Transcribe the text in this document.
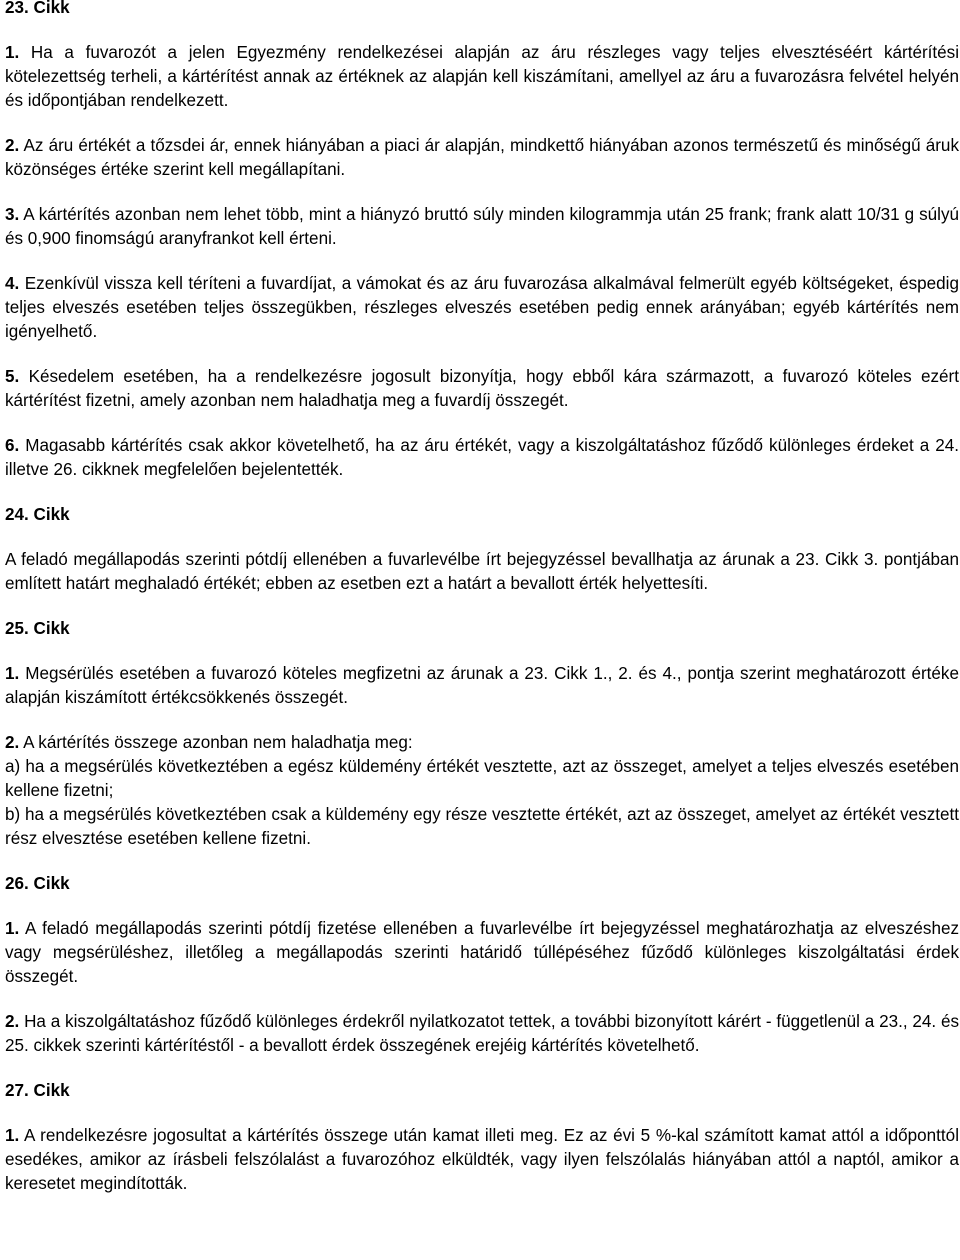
23. Cikk

1. Ha a fuvarozót a jelen Egyezmény rendelkezései alapján az áru részleges vagy teljes elvesztéséért kártérítési kötelezettség terheli, a kártérítést annak az értéknek az alapján kell kiszámítani, amellyel az áru a fuvarozásra felvétel helyén és időpontjában rendelkezett.

2. Az áru értékét a tőzsdei ár, ennek hiányában a piaci ár alapján, mindkettő hiányában azonos természetű és minőségű áruk közönséges értéke szerint kell megállapítani.

3. A kártérítés azonban nem lehet több, mint a hiányzó bruttó súly minden kilogrammja után 25 frank; frank alatt 10/31 g súlyú és 0,900 finomságú aranyfrankot kell érteni.

4. Ezenkívül vissza kell téríteni a fuvardíjat, a vámokat és az áru fuvarozása alkalmával felmerült egyéb költségeket, éspedig teljes elveszés esetében teljes összegükben, részleges elveszés esetében pedig ennek arányában; egyéb kártérítés nem igényelhető.

5. Késedelem esetében, ha a rendelkezésre jogosult bizonyítja, hogy ebből kára származott, a fuvarozó köteles ezért kártérítést fizetni, amely azonban nem haladhatja meg a fuvardíj összegét.

6. Magasabb kártérítés csak akkor követelhető, ha az áru értékét, vagy a kiszolgáltatáshoz fűződő különleges érdeket a 24. illetve 26. cikknek megfelelően bejelentették.

24. Cikk

A feladó megállapodás szerinti pótdíj ellenében a fuvarlevélbe írt bejegyzéssel bevallhatja az árunak a 23. Cikk 3. pontjában említett határt meghaladó értékét; ebben az esetben ezt a határt a bevallott érték helyettesíti.

25. Cikk

1. Megsérülés esetében a fuvarozó köteles megfizetni az árunak a 23. Cikk 1., 2. és 4., pontja szerint meghatározott értéke alapján kiszámított értékcsökkenés összegét.

2. A kártérítés összege azonban nem haladhatja meg:

a) ha a megsérülés következtében a egész küldemény értékét vesztette, azt az összeget, amelyet a teljes elveszés esetében kellene fizetni;

b) ha a megsérülés következtében csak a küldemény egy része vesztette értékét, azt az összeget, amelyet az értékét vesztett rész elvesztése esetében kellene fizetni.

26. Cikk

1. A feladó megállapodás szerinti pótdíj fizetése ellenében a fuvarlevélbe írt bejegyzéssel meghatározhatja az elveszéshez vagy megsérüléshez, illetőleg a megállapodás szerinti határidő túllépéséhez fűződő különleges kiszolgáltatási érdek összegét.

2. Ha a kiszolgáltatáshoz fűződő különleges érdekről nyilatkozatot tettek, a további bizonyított kárért - függetlenül a 23., 24. és 25. cikkek szerinti kártérítéstől - a bevallott érdek összegének erejéig kártérítés követelhető.

27. Cikk

1. A rendelkezésre jogosultat a kártérítés összege után kamat illeti meg. Ez az évi 5 %-kal számított kamat attól a időponttól esedékes, amikor az írásbeli felszólalást a fuvarozóhoz elküldték, vagy ilyen felszólalás hiányában attól a naptól, amikor a keresetet megindították.
